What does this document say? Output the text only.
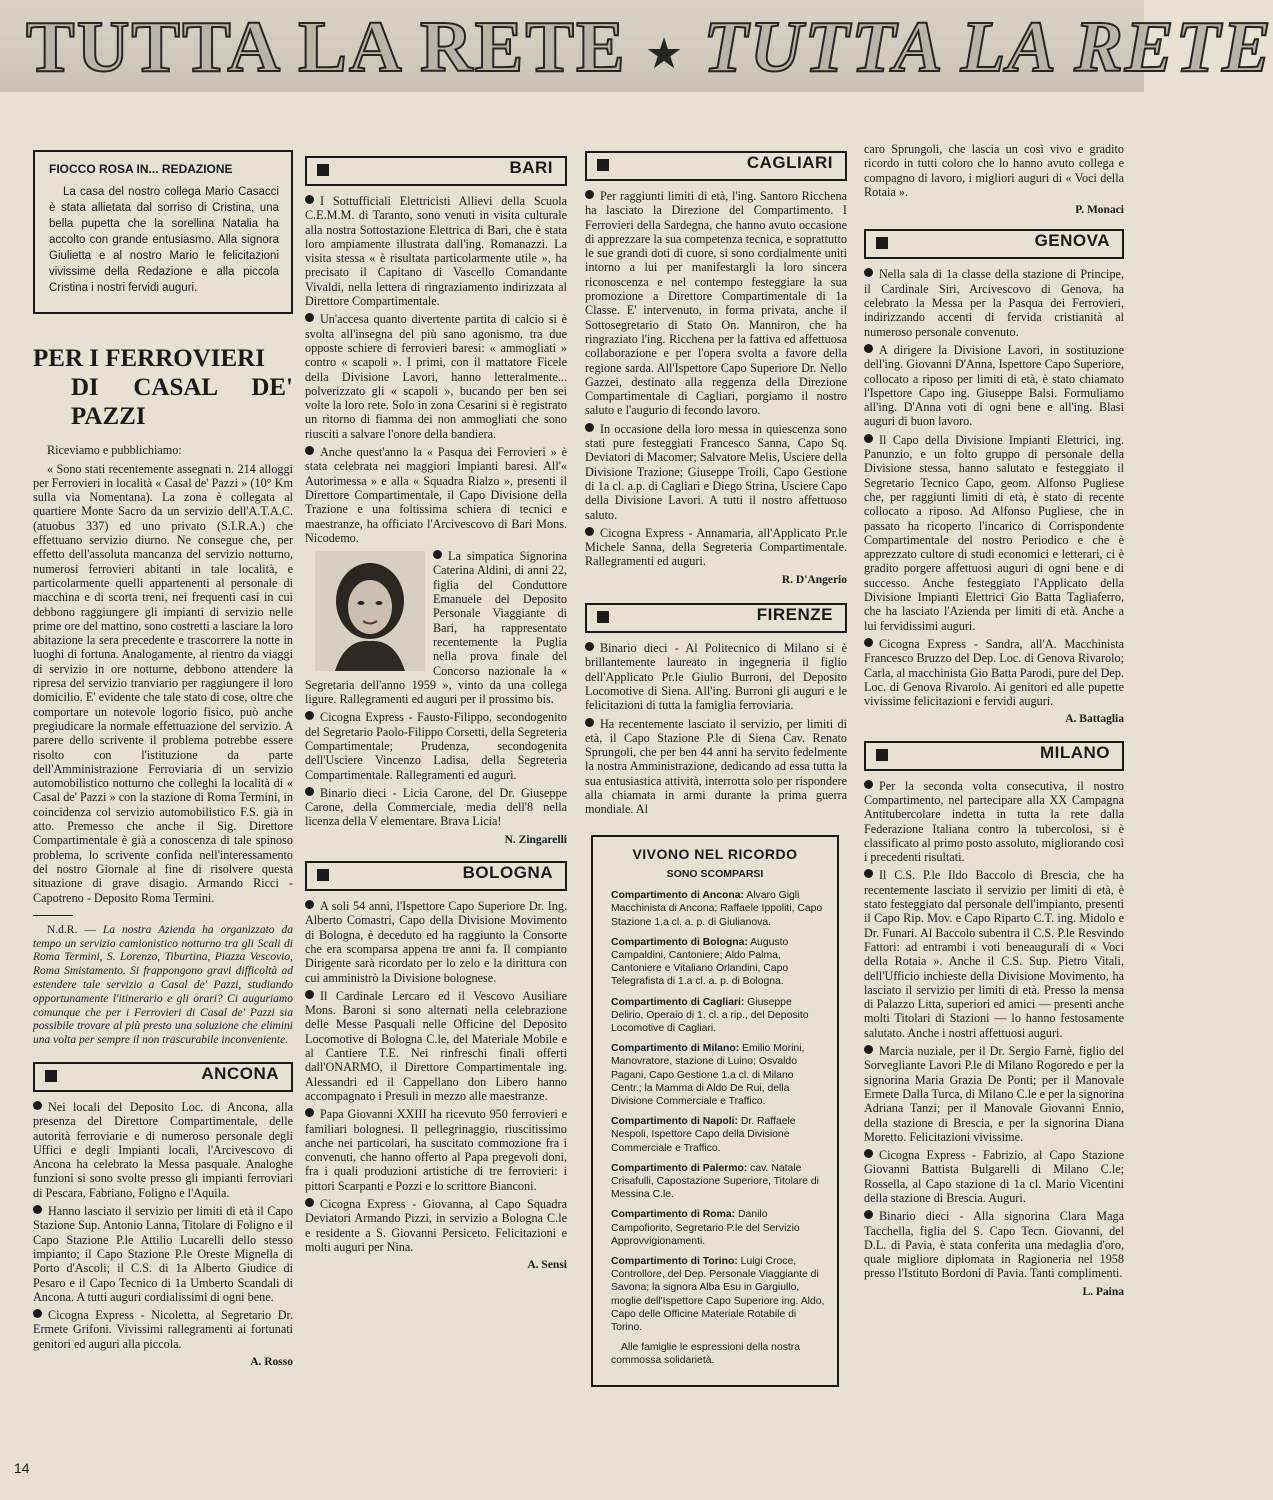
TUTTA LA RETE ★ TUTTA LA RETE
FIOCCO ROSA IN... REDAZIONE

La casa del nostro collega Mario Casacci è stata allietata dal sorriso di Cristina, una bella pupetta che la sorellina Natalia ha accolto con grande entusiasmo. Alla signora Giulietta e al nostro Mario le felicitazioni vivissime della Redazione e alla piccola Cristina i nostri fervidi auguri.

PER I FERROVIERI
DI CASAL DE' PAZZI

Riceviamo e pubblichiamo:

« Sono stati recentemente assegnati n. 214 alloggi per Ferrovieri in località « Casal de' Pazzi » (10° Km sulla via Nomentana). La zona è collegata al quartiere Monte Sacro da un servizio dell'A.T.A.C. (atuobus 337) ed uno privato (S.I.R.A.) che effettuano servizio diurno. Ne consegue che, per effetto dell'assoluta mancanza del servizio notturno, numerosi ferrovieri abitanti in tale località, e particolarmente quelli appartenenti al personale di macchina e di scorta treni, nei frequenti casi in cui debbono raggiungere gli impianti di servizio nelle prime ore del mattino, sono costretti a lasciare la loro abitazione la sera precedente e trascorrere la notte in luoghi di fortuna. Analogamente, al rientro da viaggi di servizio in ore notturne, debbono attendere la ripresa del servizio tranviario per raggiungere il loro domicilio. E' evidente che tale stato di cose, oltre che comportare un notevole logorio fisico, può anche pregiudicare la normale effettuazione del servizio. A parere dello scrivente il problema potrebbe essere risolto con l'istituzione da parte dell'Amministrazione Ferroviaria di un servizio automobilistico notturno che colleghi la località di « Casal de' Pazzi » con la stazione di Roma Termini, in coincidenza col servizio automobilistico F.S. già in atto. Premesso che anche il Sig. Direttore Compartimentale è già a conoscenza di tale spinoso problema, lo scrivente confida nell'interessamento del nostro Giornale al fine di risolvere questa situazione di grave disagio. Armando Ricci - Capotreno - Deposito Roma Termini.

N.d.R. — La nostra Azienda ha organizzato da tempo un servizio camionistico notturno tra gli Scali di Roma Termini, S. Lorenzo, Tiburtina, Piazza Vescovio, Roma Smistamento. Si frappongono gravi difficoltà ad estendere tale servizio a Casal de' Pazzi, studiando opportunamente l'itinerario e gli orari? Ci auguriamo comunque che per i Ferrovieri di Casal de' Pazzi sia possibile trovare al più presto una soluzione che elimini una volta per sempre il non trascurabile inconveniente.

ANCONA

Nei locali del Deposito Loc. di Ancona, alla presenza del Direttore Compartimentale, delle autorità ferroviarie e di numeroso personale degli Uffici e degli Impianti locali, l'Arcivescovo di Ancona ha celebrato la Messa pasquale. Analoghe funzioni si sono svolte presso gli impianti ferroviari di Pescara, Fabriano, Foligno e l'Aquila.

Hanno lasciato il servizio per limiti di età il Capo Stazione Sup. Antonio Lanna, Titolare di Foligno e il Capo Stazione P.le Attilio Lucarelli dello stesso impianto; il Capo Stazione P.le Oreste Mignella di Porto d'Ascoli; il C.S. di 1a Alberto Giudice di Pesaro e il Capo Tecnico di 1a Umberto Scandali di Ancona. A tutti auguri cordialissimi di ogni bene.

Cicogna Express - Nicoletta, al Segretario Dr. Ermete Grifoni. Vivissimi rallegramenti ai fortunati genitori ed auguri alla piccola.

A. Rosso
BARI

I Sottufficiali Elettricisti Allievi della Scuola C.E.M.M. di Taranto, sono venuti in visita culturale alla nostra Sottostazione Elettrica di Bari, che è stata loro ampiamente illustrata dall'ing. Romanazzi. La visita stessa « è risultata particolarmente utile », ha precisato il Capitano di Vascello Comandante Vivaldi, nella lettera di ringraziamento indirizzata al Direttore Compartimentale.

Un'accesa quanto divertente partita di calcio si è svolta all'insegna del più sano agonismo, tra due opposte schiere di ferrovieri baresi: « ammogliati » contro « scapoli ». I primi, con il mattatore Ficele della Divisione Lavori, hanno letteralmente... polverizzato gli « scapoli », bucando per ben sei volte la loro rete. Solo in zona Cesarini si è registrato un ritorno di fiamma dei non ammogliati che sono riusciti a salvare l'onore della bandiera.

Anche quest'anno la « Pasqua dei Ferrovieri » è stata celebrata nei maggiori Impianti baresi. All'« Autorimessa » e alla « Squadra Rialzo », presenti il Direttore Compartimentale, il Capo Divisione della Trazione e una foltissima schiera di tecnici e maestranze, ha officiato l'Arcivescovo di Bari Mons. Nicodemo.

La simpatica Signorina Caterina Aldini, di anni 22, figlia del Conduttore Emanuele del Deposito Personale Viaggiante di Bari, ha rappresentato recentemente la Puglia nella prova finale del Concorso nazionale la « Segretaria dell'anno 1959 », vinto da una collega ligure. Rallegramenti ed auguri per il prossimo bis.

Cicogna Express - Fausto-Filippo, secondogenito del Segretario Paolo-Filippo Corsetti, della Segreteria Compartimentale; Prudenza, secondogenita dell'Usciere Vincenzo Ladisa, della Segreteria Compartimentale. Rallegramenti ed auguri.

Binario dieci - Licia Carone, del Dr. Giuseppe Carone, della Commerciale, media dell'8 nella licenza della V elementare. Brava Licia!

N. Zingarelli
BOLOGNA

A soli 54 anni, l'Ispettore Capo Superiore Dr. Ing. Alberto Comastri, Capo della Divisione Movimento di Bologna, è deceduto ed ha raggiunto la Consorte che era scomparsa appena tre anni fa. Il compianto Dirigente sarà ricordato per lo zelo e la dirittura con cui amministrò la Divisione bolognese.

Il Cardinale Lercaro ed il Vescovo Ausiliare Mons. Baroni si sono alternati nella celebrazione delle Messe Pasquali nelle Officine del Deposito Locomotive di Bologna C.le, del Materiale Mobile e al Cantiere T.E. Nei rinfreschi finali offerti dall'ONARMO, il Direttore Compartimentale ing. Alessandri ed il Cappellano don Libero hanno accompagnato i Presuli in mezzo alle maestranze.

Papa Giovanni XXIII ha ricevuto 950 ferrovieri e familiari bolognesi. Il pellegrinaggio, riuscitissimo anche nei particolari, ha suscitato commozione fra i convenuti, che hanno offerto al Papa pregevoli doni, fra i quali produzioni artistiche di tre ferrovieri: i pittori Scarpanti e Pozzi e lo scrittore Bianconi.

Cicogna Express - Giovanna, al Capo Squadra Deviatori Armando Pizzi, in servizio a Bologna C.le e residente a S. Giovanni Persiceto. Felicitazioni e molti auguri per Nina.

A. Sensi
CAGLIARI

Per raggiunti limiti di età, l'ing. Santoro Ricchena ha lasciato la Direzione del Compartimento. I Ferrovieri della Sardegna, che hanno avuto occasione di apprezzare la sua competenza tecnica, e soprattutto le sue grandi doti di cuore, si sono cordialmente uniti intorno a lui per manifestargli la loro sincera riconoscenza e nel contempo festeggiare la sua promozione a Direttore Compartimentale di 1a Classe. E' intervenuto, in forma privata, anche il Sottosegretario di Stato On. Manniron, che ha ringraziato l'ing. Ricchena per la fattiva ed affettuosa collaborazione e per l'opera svolta a favore della regione sarda. All'Ispettore Capo Superiore Dr. Nello Gazzei, destinato alla reggenza della Direzione Compartimentale di Cagliari, porgiamo il nostro saluto e l'augurio di fecondo lavoro.

In occasione della loro messa in quiescenza sono stati pure festeggiati Francesco Sanna, Capo Sq. Deviatori di Macomer; Salvatore Melis, Usciere della Divisione Trazione; Giuseppe Troili, Capo Gestione di 1a cl. a.p. di Cagliari e Diego Strina, Usciere Capo della Divisione Lavori. A tutti il nostro affettuoso saluto.

Cicogna Express - Annamaria, all'Applicato Pr.le Michele Sanna, della Segreteria Compartimentale. Rallegramenti ed auguri.

R. D'Angerio
FIRENZE

Binario dieci - Al Politecnico di Milano si è brillantemente laureato in ingegneria il figlio dell'Applicato Pr.le Giulio Burroni, del Deposito Locomotive di Siena. All'ing. Burroni gli auguri e le felicitazioni di tutta la famiglia ferroviaria.

Ha recentemente lasciato il servizio, per limiti di età, il Capo Stazione P.le di Siena Cav. Renato Sprungoli, che per ben 44 anni ha servito fedelmente la nostra Amministrazione, dedicando ad essa tutta la sua entusiastica attività, interrotta solo per rispondere alla chiamata in armi durante la prima guerra mondiale. Al

VIVONO NEL RICORDO
SONO SCOMPARSI

Compartimento di Ancona: Alvaro Gigli Macchinista di Ancona; Raffaele Ippoliti, Capo Stazione 1.a cl. a. p. di Giulianova.

Compartimento di Bologna: Augusto Campaldini, Cantoniere; Aldo Palma, Cantoniere e Vitaliano Orlandini, Capo Telegrafista di 1.a cl. a. p. di Bologna.

Compartimento di Cagliari: Giuseppe Delirio, Operaio di 1. cl. a rip., del Deposito Locomotive di Cagliari.

Compartimento di Milano: Emilio Morini, Manovratore, stazione di Luino; Osvaldo Pagani, Capo Gestione 1.a cl. di Milano Centr.; la Mamma di Aldo De Rui, della Divisione Commerciale e Traffico.

Compartimento di Napoli: Dr. Raffaele Nespoli, Ispettore Capo della Divisione Commerciale e Traffico.

Compartimento di Palermo: cav. Natale Crisafulli, Capostazione Superiore, Titolare di Messina C.le.

Compartimento di Roma: Danilo Campofiorito, Segretario P.le del Servizio Approvvigionamenti.

Compartimento di Torino: Luigi Croce, Controllore, del Dep. Personale Viaggiante di Savona; la signora Alba Esu in Gargiullo, moglie dell'Ispettore Capo Superiore ing. Aldo, Capo delle Officine Materiale Rotabile di Torino.

Alle famiglie le espressioni della nostra commossa solidarietà.

caro Sprungoli, che lascia un così vivo e gradito ricordo in tutti coloro che lo hanno avuto collega e compagno di lavoro, i migliori auguri di « Voci della Rotaia ».

P. Monaci
GENOVA

Nella sala di 1a classe della stazione di Principe, il Cardinale Siri, Arcivescovo di Genova, ha celebrato la Messa per la Pasqua dei Ferrovieri, indirizzando accenti di fervida cristianità al numeroso personale convenuto.

A dirigere la Divisione Lavori, in sostituzione dell'ing. Giovanni D'Anna, Ispettore Capo Superiore, collocato a riposo per limiti di età, è stato chiamato l'Ispettore Capo ing. Giuseppe Balsi. Formuliamo all'ing. D'Anna voti di ogni bene e all'ing. Blasi auguri di buon lavoro.

Il Capo della Divisione Impianti Elettrici, ing. Panunzio, e un folto gruppo di personale della Divisione stessa, hanno salutato e festeggiato il Segretario Tecnico Capo, geom. Alfonso Pugliese che, per raggiunti limiti di età, è stato di recente collocato a riposo. Ad Alfonso Pugliese, che in passato ha ricoperto l'incarico di Corrispondente Compartimentale del nostro Periodico e che è apprezzato cultore di studi economici e letterari, ci è gradito porgere affettuosi auguri di ogni bene e di successo. Anche festeggiato l'Applicato della Divisione Impianti Elettrici Gio Batta Tagliaferro, che ha lasciato l'Azienda per limiti di età. Anche a lui fervidissimi auguri.

Cicogna Express - Sandra, all'A. Macchinista Francesco Bruzzo del Dep. Loc. di Genova Rivarolo; Carla, al macchinista Gio Batta Parodi, pure del Dep. Loc. di Genova Rivarolo. Ai genitori ed alle pupette vivissime felicitazioni e fervidi auguri.

A. Battaglia
MILANO

Per la seconda volta consecutiva, il nostro Compartimento, nel partecipare alla XX Campagna Antitubercolare indetta in tutta la rete dalla Federazione Italiana contro la tubercolosi, si è classificato al primo posto assoluto, migliorando così i precedenti risultati.

Il C.S. P.le Ildo Baccolo di Brescia, che ha recentemente lasciato il servizio per limiti di età, è stato festeggiato dal personale dell'impianto, presenti il Capo Rip. Mov. e Capo Riparto C.T. ing. Midolo e Dr. Funari. Al Baccolo subentra il C.S. P.le Resvindo Fattori: ad entrambi i voti beneaugurali di « Voci della Rotaia ». Anche il C.S. Sup. Pietro Vitali, dell'Ufficio inchieste della Divisione Movimento, ha lasciato il servizio per limiti di età. Presso la mensa di Palazzo Litta, superiori ed amici — presenti anche molti Titolari di Stazioni — lo hanno festosamente salutato. Anche i nostri affettuosi auguri.

Marcia nuziale, per il Dr. Sergio Farnè, figlio del Sorvegliante Lavori P.le di Milano Rogoredo e per la signorina Maria Grazia De Ponti; per il Manovale Ermete Dalla Turca, di Milano C.le e per la signorina Adriana Tanzi; per il Manovale Giovanni Ennio, della stazione di Brescia, e per la signorina Diana Moretto. Felicitazioni vivissime.

Cicogna Express - Fabrizio, al Capo Stazione Giovanni Battista Bulgarelli di Milano C.le; Rossella, al Capo stazione di 1a cl. Mario Vicentini della stazione di Brescia. Auguri.

Binario dieci - Alla signorina Clara Maga Tacchella, figlia del S. Capo Tecn. Giovanni, del D.L. di Pavia, è stata conferita una medaglia d'oro, quale migliore diplomata in Ragioneria nel 1958 presso l'Istituto Bordoni di Pavia. Tanti complimenti.

L. Paina
14
